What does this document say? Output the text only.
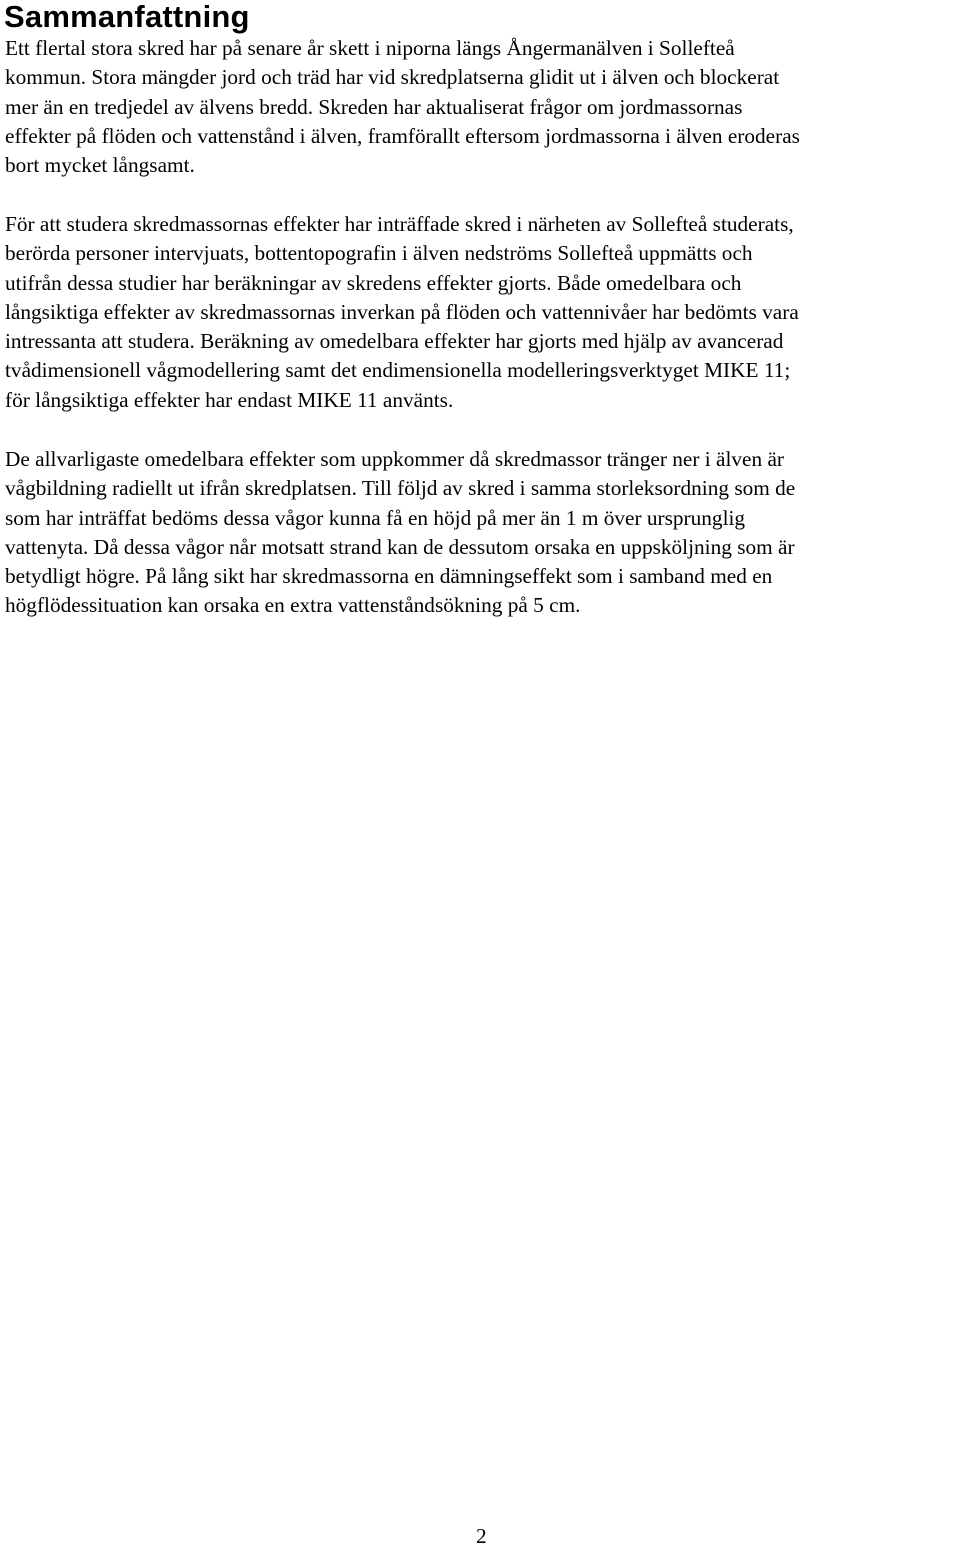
Sammanfattning

Ett flertal stora skred har på senare år skett i niporna längs Ångermanälven i Sollefteå
kommun. Stora mängder jord och träd har vid skredplatserna glidit ut i älven och blockerat
mer än en tredjedel av älvens bredd. Skreden har aktualiserat frågor om jordmassornas
effekter på flöden och vattenstånd i älven, framförallt eftersom jordmassorna i älven eroderas
bort mycket långsamt.

För att studera skredmassornas effekter har inträffade skred i närheten av Sollefteå studerats,
berörda personer intervjuats, bottentopografin i älven nedströms Sollefteå uppmätts och
utifrån dessa studier har beräkningar av skredens effekter gjorts. Både omedelbara och
långsiktiga effekter av skredmassornas inverkan på flöden och vattennivåer har bedömts vara
intressanta att studera. Beräkning av omedelbara effekter har gjorts med hjälp av avancerad
tvådimensionell vågmodellering samt det endimensionella modelleringsverktyget MIKE 11;
för långsiktiga effekter har endast MIKE 11 använts.

De allvarligaste omedelbara effekter som uppkommer då skredmassor tränger ner i älven är
vågbildning radiellt ut ifrån skredplatsen. Till följd av skred i samma storleksordning som de
som har inträffat bedöms dessa vågor kunna få en höjd på mer än 1 m över ursprunglig
vattenyta. Då dessa vågor når motsatt strand kan de dessutom orsaka en uppsköljning som är
betydligt högre. På lång sikt har skredmassorna en dämningseffekt som i samband med en
högflödessituation kan orsaka en extra vattenståndsökning på 5 cm.

2
